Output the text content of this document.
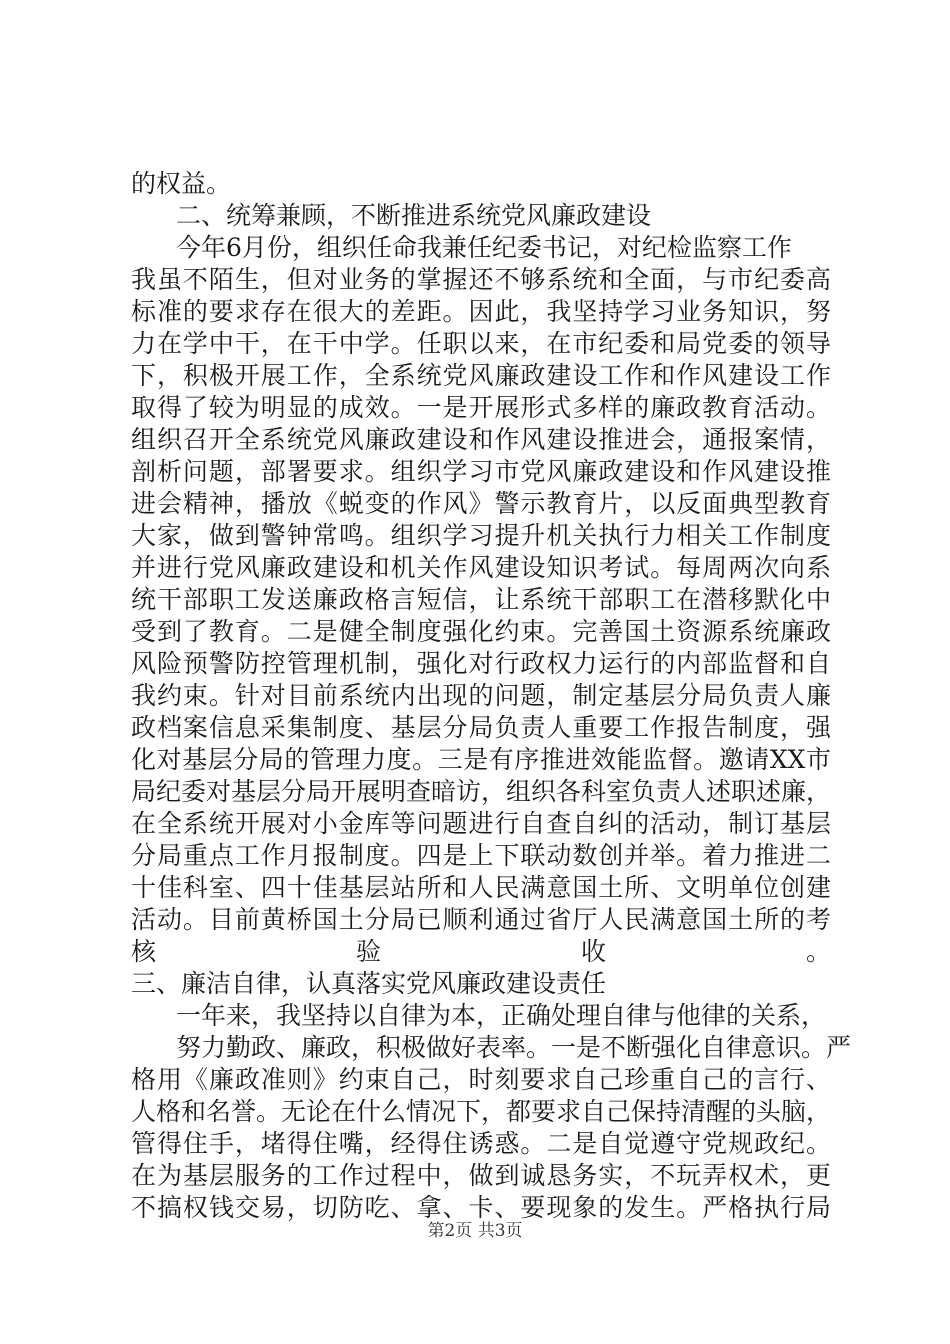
的权益。
二、统筹兼顾，不断推进系统党风廉政建设
今年6月份，组织任命我兼任纪委书记，对纪检监察工作
我虽不陌生，但对业务的掌握还不够系统和全面，与市纪委高
标准的要求存在很大的差距。因此，我坚持学习业务知识，努
力在学中干，在干中学。任职以来，在市纪委和局党委的领导
下，积极开展工作，全系统党风廉政建设工作和作风建设工作
取得了较为明显的成效。一是开展形式多样的廉政教育活动。
组织召开全系统党风廉政建设和作风建设推进会，通报案情，
剖析问题，部署要求。组织学习市党风廉政建设和作风建设推
进会精神，播放《蜕变的作风》警示教育片，以反面典型教育
大家，做到警钟常鸣。组织学习提升机关执行力相关工作制度
并进行党风廉政建设和机关作风建设知识考试。每周两次向系
统干部职工发送廉政格言短信，让系统干部职工在潜移默化中
受到了教育。二是健全制度强化约束。完善国土资源系统廉政
风险预警防控管理机制，强化对行政权力运行的内部监督和自
我约束。针对目前系统内出现的问题，制定基层分局负责人廉
政档案信息采集制度、基层分局负责人重要工作报告制度，强
化对基层分局的管理力度。三是有序推进效能监督。邀请XX市
局纪委对基层分局开展明查暗访，组织各科室负责人述职述廉，
在全系统开展对小金库等问题进行自查自纠的活动，制订基层
分局重点工作月报制度。四是上下联动数创并举。着力推进二
十佳科室、四十佳基层站所和人民满意国土所、文明单位创建
活动。目前黄桥国土分局已顺利通过省厅人民满意国土所的考
核验收。
三、廉洁自律，认真落实党风廉政建设责任
一年来，我坚持以自律为本，正确处理自律与他律的关系，
努力勤政、廉政，积极做好表率。一是不断强化自律意识。严
格用《廉政准则》约束自己，时刻要求自己珍重自己的言行、
人格和名誉。无论在什么情况下，都要求自己保持清醒的头脑，
管得住手，堵得住嘴，经得住诱惑。二是自觉遵守党规政纪。
在为基层服务的工作过程中，做到诚恳务实，不玩弄权术，更
不搞权钱交易，切防吃、拿、卡、要现象的发生。严格执行局
第2页 共3页
